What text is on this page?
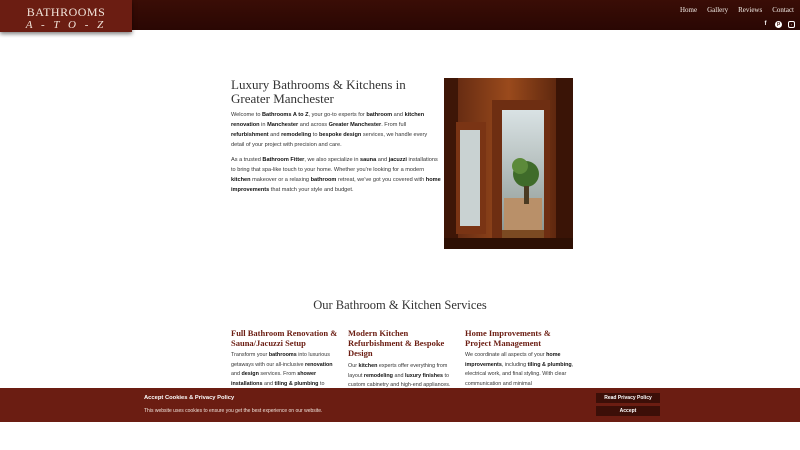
BATHROOMS
A - T O - Z
Home Gallery Reviews Contact
f	p	◦
Luxury Bathrooms & Kitchens in Greater Manchester

Welcome to Bathrooms A to Z, your go-to experts for bathroom and kitchen renovation in Manchester and across Greater Manchester. From full refurbishment and remodeling to bespoke design services, we handle every detail of your project with precision and care.

As a trusted Bathroom Fitter, we also specialize in sauna and jacuzzi installations to bring that spa-like touch to your home. Whether you're looking for a modern kitchen makeover or a relaxing bathroom retreat, we've got you covered with home improvements that match your style and budget.

Our Bathroom & Kitchen Services
Full Bathroom Renovation & Sauna/Jacuzzi Setup

Transform your bathrooms into luxurious getaways with our all-inclusive renovation and design services. From shower installations and tiling & plumbing to

Modern Kitchen Refurbishment & Bespoke Design

Our kitchen experts offer everything from layout remodeling and luxury finishes to custom cabinetry and high-end appliances.

Home Improvements & Project Management

We coordinate all aspects of your home improvements, including tiling & plumbing, electrical work, and final styling. With clear communication and minimal

Accept Cookies & Privacy Policy

This website uses cookies to ensure you get the best experience on our website.

Read Privacy Policy
Accept
